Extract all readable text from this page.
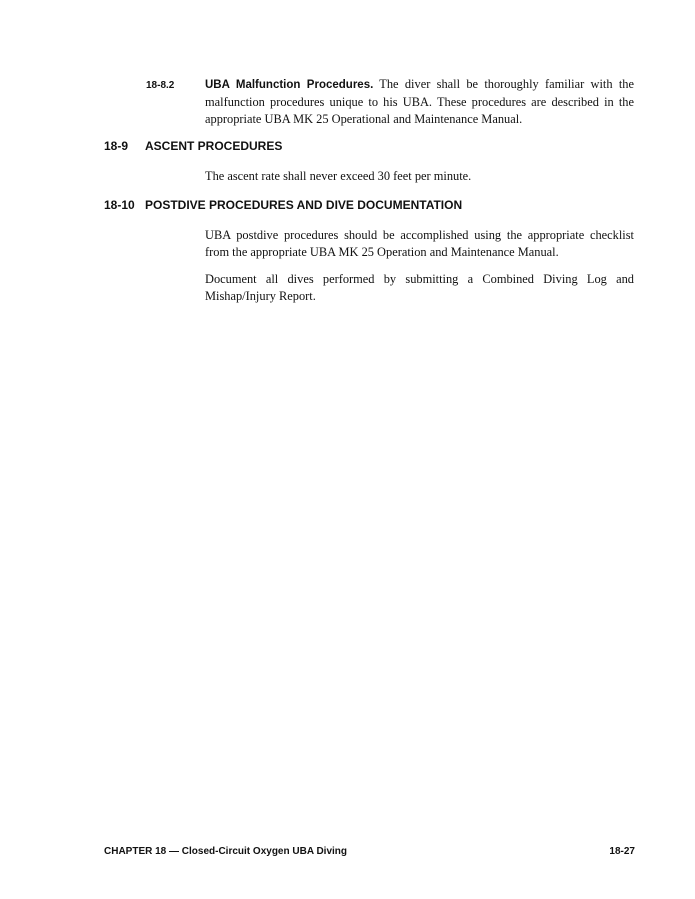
18-8.2	UBA Malfunction Procedures. The diver shall be thoroughly familiar with the malfunction procedures unique to his UBA. These procedures are described in the appropriate UBA MK 25 Operational and Maintenance Manual.

18-9 ASCENT PROCEDURES

The ascent rate shall never exceed 30 feet per minute.

18-10 POSTDIVE PROCEDURES AND DIVE DOCUMENTATION

UBA postdive procedures should be accomplished using the appropriate checklist from the appropriate UBA MK 25 Operation and Maintenance Manual.

Document all dives performed by submitting a Combined Diving Log and Mishap/Injury Report.

CHAPTER 18 — Closed-Circuit Oxygen UBA Diving	18-27
